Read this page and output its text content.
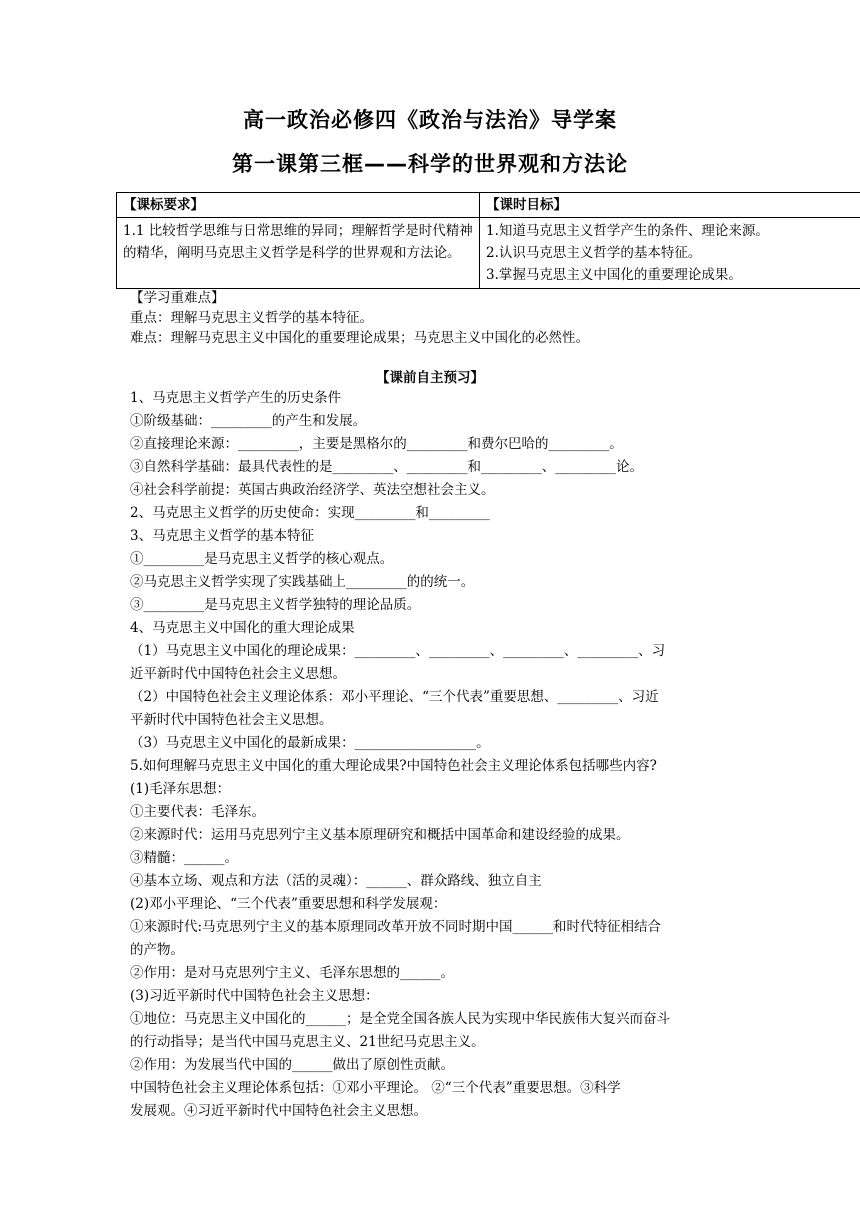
高一政治必修四《政治与法治》导学案
第一课第三框——科学的世界观和方法论
【课标要求】	【课时目标】
1.1 比较哲学思维与日常思维的异同；理解哲学是时代精神的精华，阐明马克思主义哲学是科学的世界观和方法论。	1.知道马克思主义哲学产生的条件、理论来源。
2.认识马克思主义哲学的基本特征。
3.掌握马克思主义中国化的重要理论成果。
【学习重难点】
重点：理解马克思主义哲学的基本特征。
难点：理解马克思主义中国化的重要理论成果；马克思主义中国化的必然性。
【课前自主预习】
1、马克思主义哲学产生的历史条件
①阶级基础：_________的产生和发展。
②直接理论来源：_________，主要是黑格尔的_________和费尔巴哈的_________。
③自然科学基础：最具代表性的是_________、_________和_________、_________论。
④社会科学前提：英国古典政治经济学、英法空想社会主义。
2、马克思主义哲学的历史使命：实现_________和_________
3、马克思主义哲学的基本特征
①_________是马克思主义哲学的核心观点。
②马克思主义哲学实现了实践基础上_________的的统一。
③_________是马克思主义哲学独特的理论品质。
4、马克思主义中国化的重大理论成果
（1）马克思主义中国化的理论成果：_________、_________、_________、_________、习
近平新时代中国特色社会主义思想。
（2）中国特色社会主义理论体系：邓小平理论、“三个代表”重要思想、_________、习近
平新时代中国特色社会主义思想。
（3）马克思主义中国化的最新成果：__________________。
5.如何理解马克思主义中国化的重大理论成果?中国特色社会主义理论体系包括哪些内容?
(1)毛泽东思想：
①主要代表：毛泽东。
②来源时代：运用马克思列宁主义基本原理研究和概括中国革命和建设经验的成果。
③精髓：______。
④基本立场、观点和方法（活的灵魂）：______、群众路线、独立自主
(2)邓小平理论、“三个代表”重要思想和科学发展观：
①来源时代:马克思列宁主义的基本原理同改革开放不同时期中国______和时代特征相结合
的产物。
②作用：是对马克思列宁主义、毛泽东思想的______。
(3)习近平新时代中国特色社会主义思想：
①地位：马克思主义中国化的______；是全党全国各族人民为实现中华民族伟大复兴而奋斗
的行动指导；是当代中国马克思主义、21世纪马克思主义。
②作用：为发展当代中国的______做出了原创性贡献。
中国特色社会主义理论体系包括：①邓小平理论。 ②“三个代表”重要思想。③科学
发展观。④习近平新时代中国特色社会主义思想。
